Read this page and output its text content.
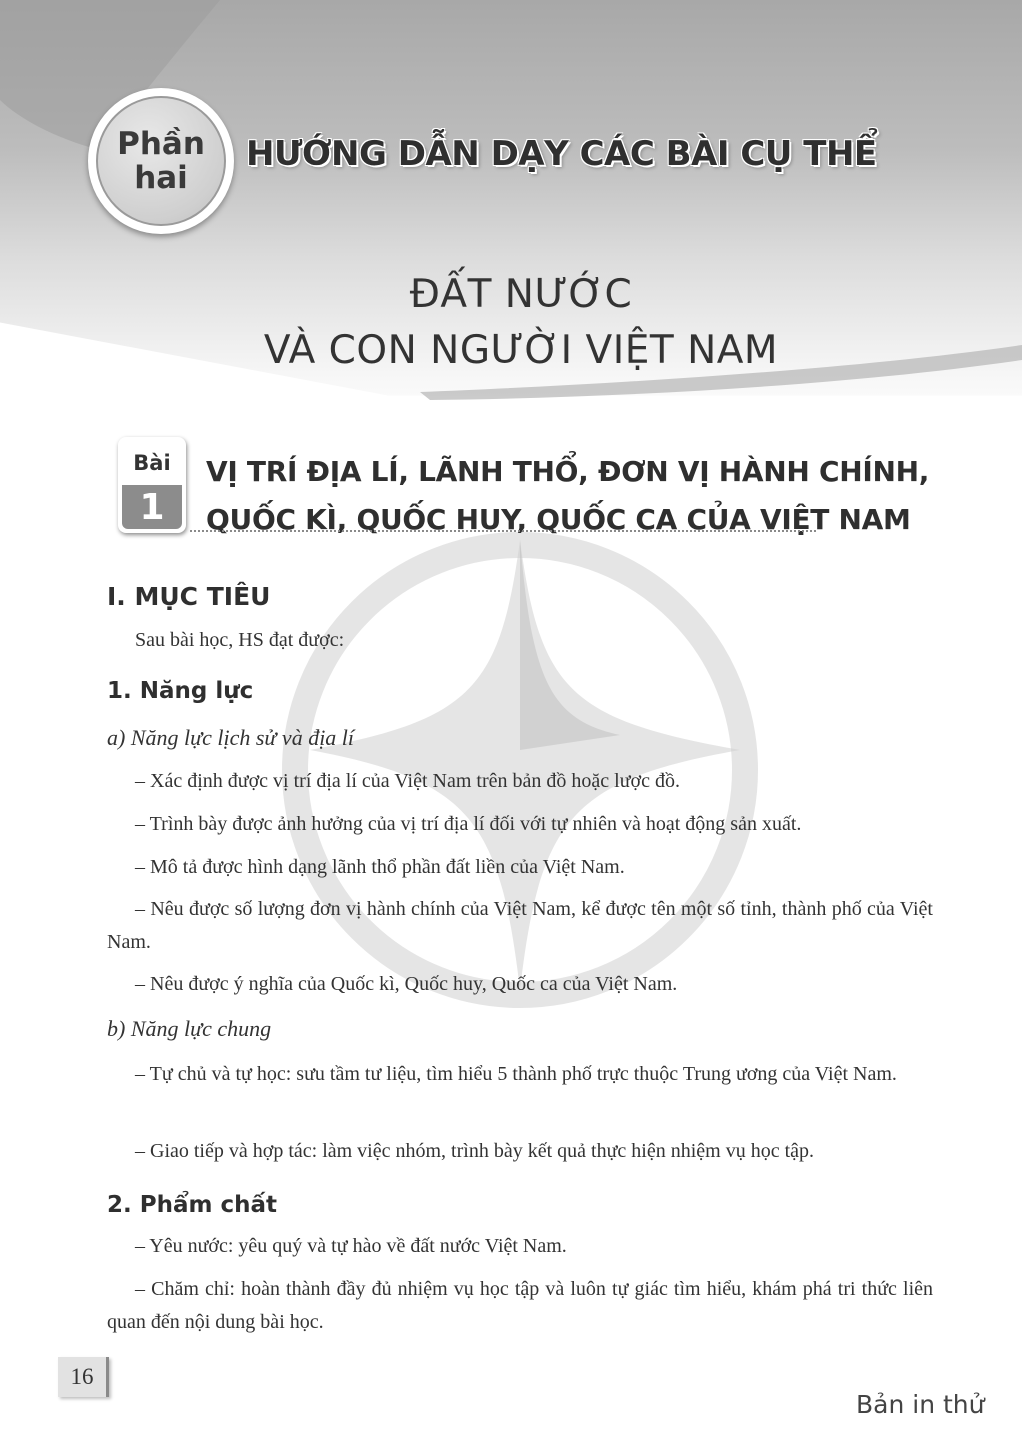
Phần
hai
HƯỚNG DẪN DẠY CÁC BÀI CỤ THỂ
ĐẤT NƯỚC
VÀ CON NGƯỜI VIỆT NAM
Bài
1
VỊ TRÍ ĐỊA LÍ, LÃNH THỔ, ĐƠN VỊ HÀNH CHÍNH,
QUỐC KÌ, QUỐC HUY, QUỐC CA CỦA VIỆT NAM
I. MỤC TIÊU
Sau bài học, HS đạt được:
1. Năng lực
a) Năng lực lịch sử và địa lí
– Xác định được vị trí địa lí của Việt Nam trên bản đồ hoặc lược đồ.
– Trình bày được ảnh hưởng của vị trí địa lí đối với tự nhiên và hoạt động sản xuất.
– Mô tả được hình dạng lãnh thổ phần đất liền của Việt Nam.
– Nêu được số lượng đơn vị hành chính của Việt Nam, kể được tên một số tỉnh, thành phố của Việt Nam.
– Nêu được ý nghĩa của Quốc kì, Quốc huy, Quốc ca của Việt Nam.
b) Năng lực chung
– Tự chủ và tự học: sưu tầm tư liệu, tìm hiểu 5 thành phố trực thuộc Trung ương của Việt Nam.
– Giao tiếp và hợp tác: làm việc nhóm, trình bày kết quả thực hiện nhiệm vụ học tập.
2. Phẩm chất
– Yêu nước: yêu quý và tự hào về đất nước Việt Nam.
– Chăm chỉ: hoàn thành đầy đủ nhiệm vụ học tập và luôn tự giác tìm hiểu, khám phá tri thức liên quan đến nội dung bài học.
16
Bản in thử
